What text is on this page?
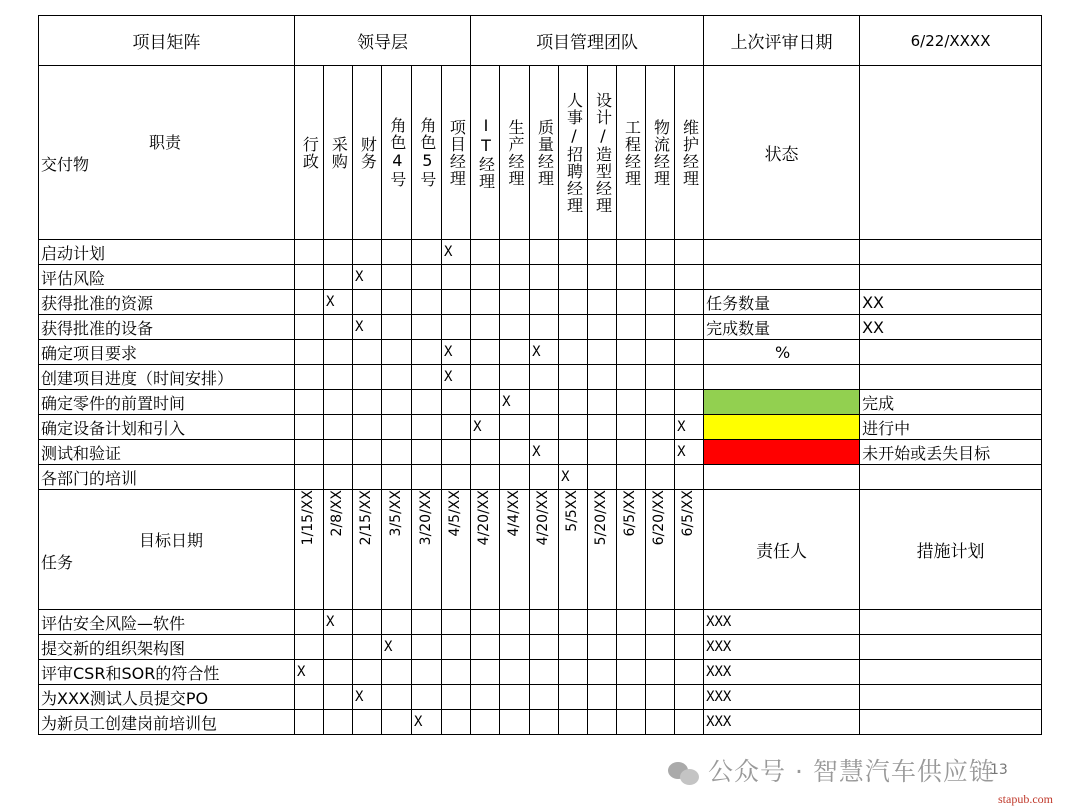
项目矩阵	领导层						项目管理团队								上次评审日期	6/22/XXXX

职责
交付物	行政	采购	财务	角色4号	角色5号	项目经理	IT经理	生产经理	质量经理	人事/招聘经理	设计/造型经理	工程经理	物流经理	维护经理	状态	
启动计划						X										
评估风险			X													
获得批准的资源		X													任务数量	XX
获得批准的设备			X												完成数量	XX
确定项目要求						X			X						%	
创建项目进度（时间安排）						X										
确定零件的前置时间								X								完成
确定设备计划和引入							X							X		进行中
测试和验证									X					X		未开始或丢失目标
各部门的培训										X						

目标日期
任务	1/15/XX	2/8/XX	2/15/XX	3/5/XX	3/20/XX	4/5/XX	4/20/XX	4/4/XX	4/20/XX	5/5XX	5/20/XX	6/5/XX	6/20/XX	6/5/XX	责任人	措施计划
评估安全风险—软件		X													XXX	
提交新的组织架构图				X											XXX	
评审CSR和SOR的符合性	X														XXX	
为XXX测试人员提交PO			X												XXX	
为新员工创建岗前培训包					X										XXX	
公众号 · 智慧汽车供应链
13
stapub.com
